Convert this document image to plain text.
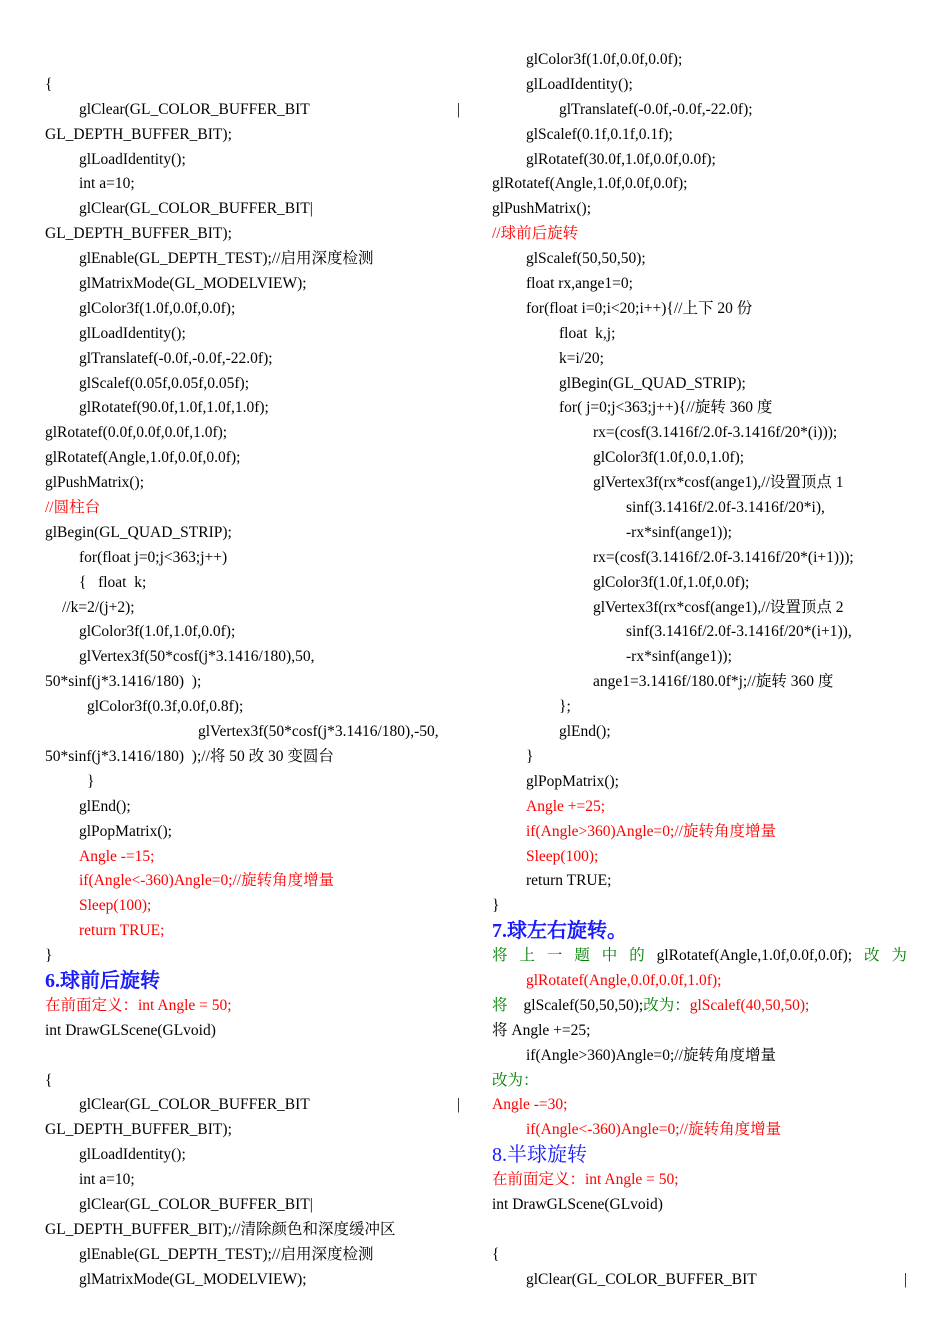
{
glClear(GL_COLOR_BUFFER_BIT	|
GL_DEPTH_BUFFER_BIT);
glLoadIdentity();
int a=10;
glClear(GL_COLOR_BUFFER_BIT|
GL_DEPTH_BUFFER_BIT);
glEnable(GL_DEPTH_TEST);//启用深度检测
glMatrixMode(GL_MODELVIEW);
glColor3f(1.0f,0.0f,0.0f);
glLoadIdentity();
glTranslatef(-0.0f,-0.0f,-22.0f);
glScalef(0.05f,0.05f,0.05f);
glRotatef(90.0f,1.0f,1.0f,1.0f);
glRotatef(0.0f,0.0f,0.0f,1.0f);
glRotatef(Angle,1.0f,0.0f,0.0f);
glPushMatrix();
//圆柱台
glBegin(GL_QUAD_STRIP);
for(float j=0;j<363;j++)
{   float  k;
//k=2/(j+2);
glColor3f(1.0f,1.0f,0.0f);
glVertex3f(50*cosf(j*3.1416/180),50,
50*sinf(j*3.1416/180)  );
glColor3f(0.3f,0.0f,0.8f);
glVertex3f(50*cosf(j*3.1416/180),-50,
50*sinf(j*3.1416/180)  );//将 50 改 30 变圆台
}
glEnd();
glPopMatrix();
Angle -=15;
if(Angle<-360)Angle=0;//旋转角度增量
Sleep(100);
return TRUE;
}
6.球前后旋转
在前面定义：int Angle = 50;
int DrawGLScene(GLvoid)
{
glClear(GL_COLOR_BUFFER_BIT	|
GL_DEPTH_BUFFER_BIT);
glLoadIdentity();
int a=10;
glClear(GL_COLOR_BUFFER_BIT|
GL_DEPTH_BUFFER_BIT);//清除颜色和深度缓冲区
glEnable(GL_DEPTH_TEST);//启用深度检测
glMatrixMode(GL_MODELVIEW);
glColor3f(1.0f,0.0f,0.0f);
glLoadIdentity();
glTranslatef(-0.0f,-0.0f,-22.0f);
glScalef(0.1f,0.1f,0.1f);
glRotatef(30.0f,1.0f,0.0f,0.0f);
glRotatef(Angle,1.0f,0.0f,0.0f);
glPushMatrix();
//球前后旋转
glScalef(50,50,50);
float rx,ange1=0;
for(float i=0;i<20;i++){//上下 20 份
float  k,j;
k=i/20;
glBegin(GL_QUAD_STRIP);
for( j=0;j<363;j++){//旋转 360 度
rx=(cosf(3.1416f/2.0f-3.1416f/20*(i)));
glColor3f(1.0f,0.0,1.0f);
glVertex3f(rx*cosf(ange1),//设置顶点 1
sinf(3.1416f/2.0f-3.1416f/20*i),
-rx*sinf(ange1));
rx=(cosf(3.1416f/2.0f-3.1416f/20*(i+1)));
glColor3f(1.0f,1.0f,0.0f);
glVertex3f(rx*cosf(ange1),//设置顶点 2
sinf(3.1416f/2.0f-3.1416f/20*(i+1)),
-rx*sinf(ange1));
ange1=3.1416f/180.0f*j;//旋转 360 度
};
glEnd();
}
glPopMatrix();
Angle +=25;
if(Angle>360)Angle=0;//旋转角度增量
Sleep(100);
return TRUE;
}
7.球左右旋转。
将 上 一 题 中 的 glRotatef(Angle,1.0f,0.0f,0.0f); 改 为
glRotatef(Angle,0.0f,0.0f,1.0f);
将 glScalef(50,50,50);改为：glScalef(40,50,50);
将 Angle +=25;
if(Angle>360)Angle=0;//旋转角度增量
改为：
Angle -=30;
if(Angle<-360)Angle=0;//旋转角度增量
8.半球旋转
在前面定义：int Angle = 50;
int DrawGLScene(GLvoid)
{
glClear(GL_COLOR_BUFFER_BIT	|
